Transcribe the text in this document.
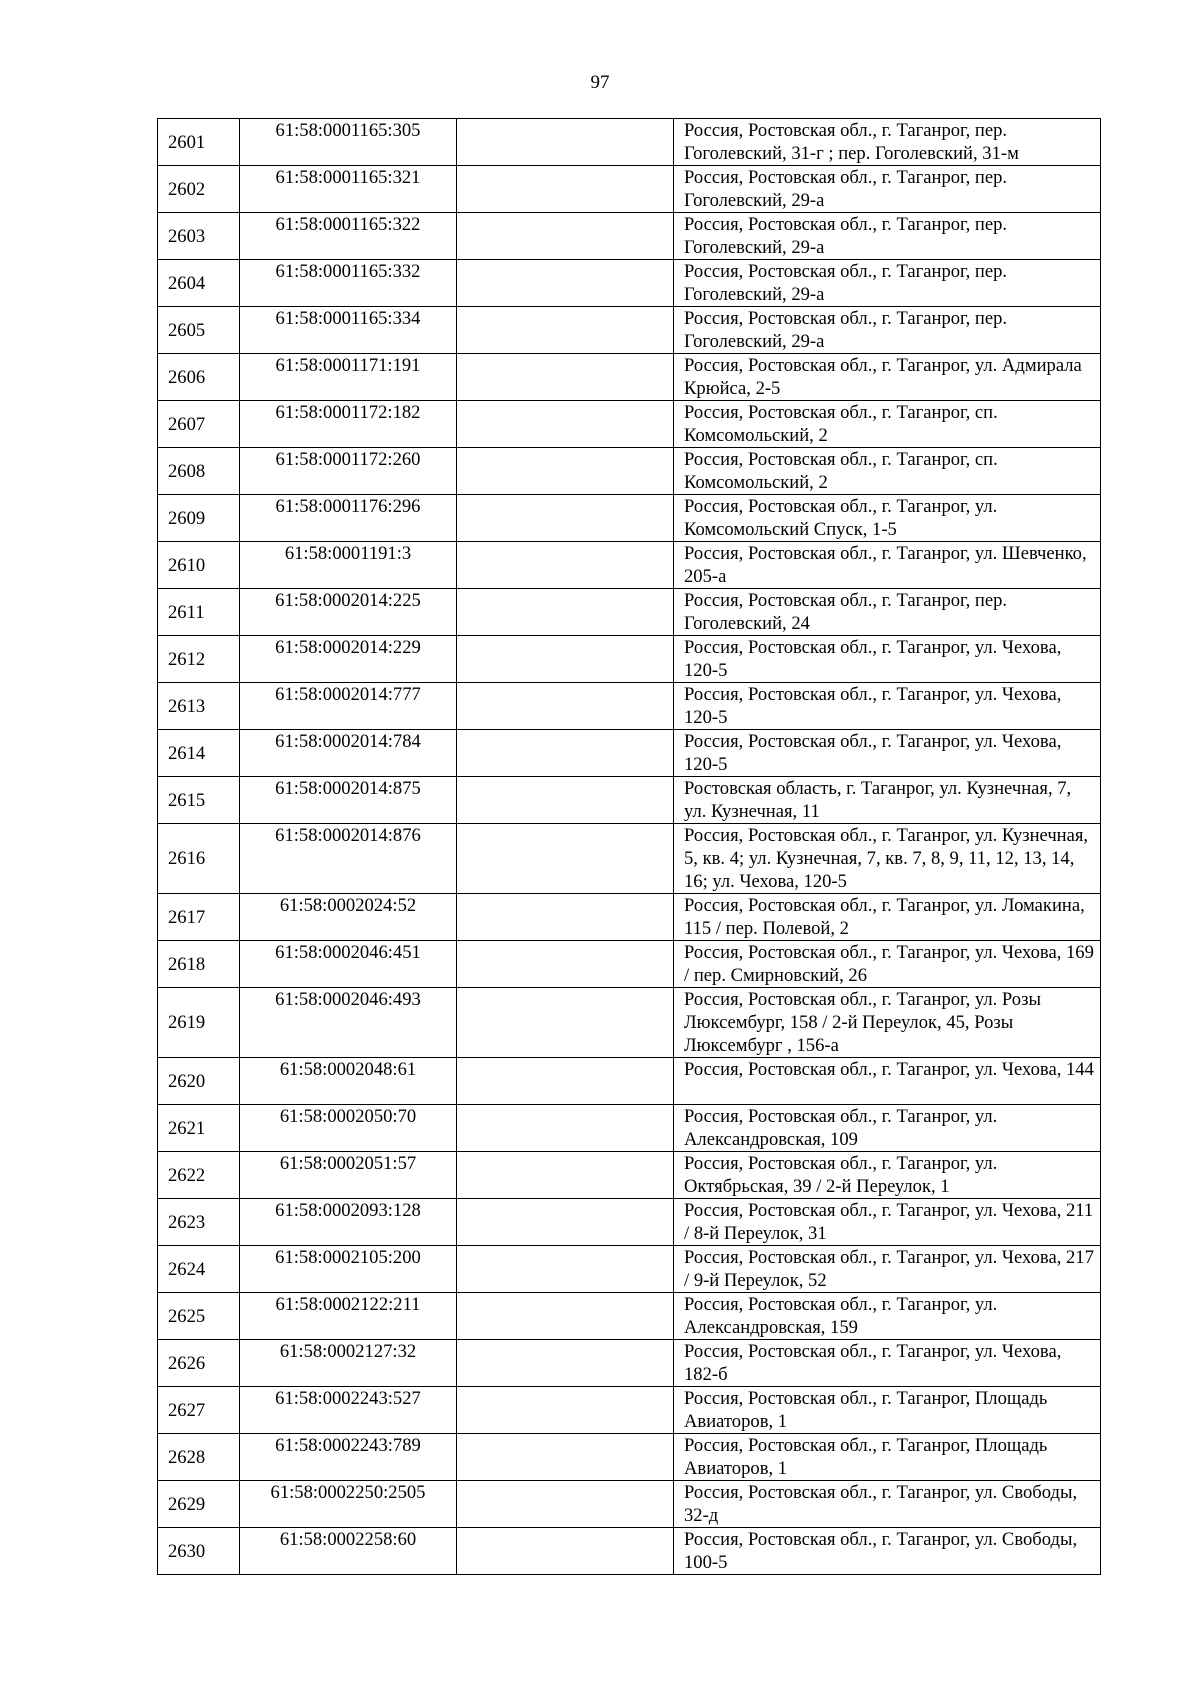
97
2601	61:58:0001165:305		Россия, Ростовская обл., г. Таганрог, пер. Гоголевский, 31-г ; пер. Гоголевский, 31-м
2602	61:58:0001165:321		Россия, Ростовская обл., г. Таганрог, пер. Гоголевский, 29-а
2603	61:58:0001165:322		Россия, Ростовская обл., г. Таганрог, пер. Гоголевский, 29-а
2604	61:58:0001165:332		Россия, Ростовская обл., г. Таганрог, пер. Гоголевский, 29-а
2605	61:58:0001165:334		Россия, Ростовская обл., г. Таганрог, пер. Гоголевский, 29-а
2606	61:58:0001171:191		Россия, Ростовская обл., г. Таганрог, ул. Адмирала Крюйса, 2-5
2607	61:58:0001172:182		Россия, Ростовская обл., г. Таганрог, сп. Комсомольский, 2
2608	61:58:0001172:260		Россия, Ростовская обл., г. Таганрог, сп. Комсомольский, 2
2609	61:58:0001176:296		Россия, Ростовская обл., г. Таганрог, ул. Комсомольский Спуск, 1-5
2610	61:58:0001191:3		Россия, Ростовская обл., г. Таганрог, ул. Шевченко, 205-а
2611	61:58:0002014:225		Россия, Ростовская обл., г. Таганрог, пер. Гоголевский, 24
2612	61:58:0002014:229		Россия, Ростовская обл., г. Таганрог, ул. Чехова, 120-5
2613	61:58:0002014:777		Россия, Ростовская обл., г. Таганрог, ул. Чехова, 120-5
2614	61:58:0002014:784		Россия, Ростовская обл., г. Таганрог, ул. Чехова, 120-5
2615	61:58:0002014:875		Ростовская область, г. Таганрог, ул. Кузнечная, 7, ул. Кузнечная, 11
2616	61:58:0002014:876		Россия, Ростовская обл., г. Таганрог, ул. Кузнечная, 5, кв. 4; ул. Кузнечная, 7, кв. 7, 8, 9, 11, 12, 13, 14, 16; ул. Чехова, 120-5
2617	61:58:0002024:52		Россия, Ростовская обл., г. Таганрог, ул. Ломакина, 115 / пер. Полевой, 2
2618	61:58:0002046:451		Россия, Ростовская обл., г. Таганрог, ул. Чехова, 169 / пер. Смирновский, 26
2619	61:58:0002046:493		Россия, Ростовская обл., г. Таганрог, ул. Розы Люксембург, 158 / 2-й Переулок, 45, Розы Люксембург , 156-а
2620	61:58:0002048:61		Россия, Ростовская обл., г. Таганрог, ул. Чехова, 144
2621	61:58:0002050:70		Россия, Ростовская обл., г. Таганрог, ул. Александровская, 109
2622	61:58:0002051:57		Россия, Ростовская обл., г. Таганрог, ул. Октябрьская, 39 / 2-й Переулок, 1
2623	61:58:0002093:128		Россия, Ростовская обл., г. Таганрог, ул. Чехова, 211 / 8-й Переулок, 31
2624	61:58:0002105:200		Россия, Ростовская обл., г. Таганрог, ул. Чехова, 217 / 9-й Переулок, 52
2625	61:58:0002122:211		Россия, Ростовская обл., г. Таганрог, ул. Александровская, 159
2626	61:58:0002127:32		Россия, Ростовская обл., г. Таганрог, ул. Чехова, 182-б
2627	61:58:0002243:527		Россия, Ростовская обл., г. Таганрог, Площадь Авиаторов, 1
2628	61:58:0002243:789		Россия, Ростовская обл., г. Таганрог, Площадь Авиаторов, 1
2629	61:58:0002250:2505		Россия, Ростовская обл., г. Таганрог, ул. Свободы, 32-д
2630	61:58:0002258:60		Россия, Ростовская обл., г. Таганрог, ул. Свободы, 100-5
